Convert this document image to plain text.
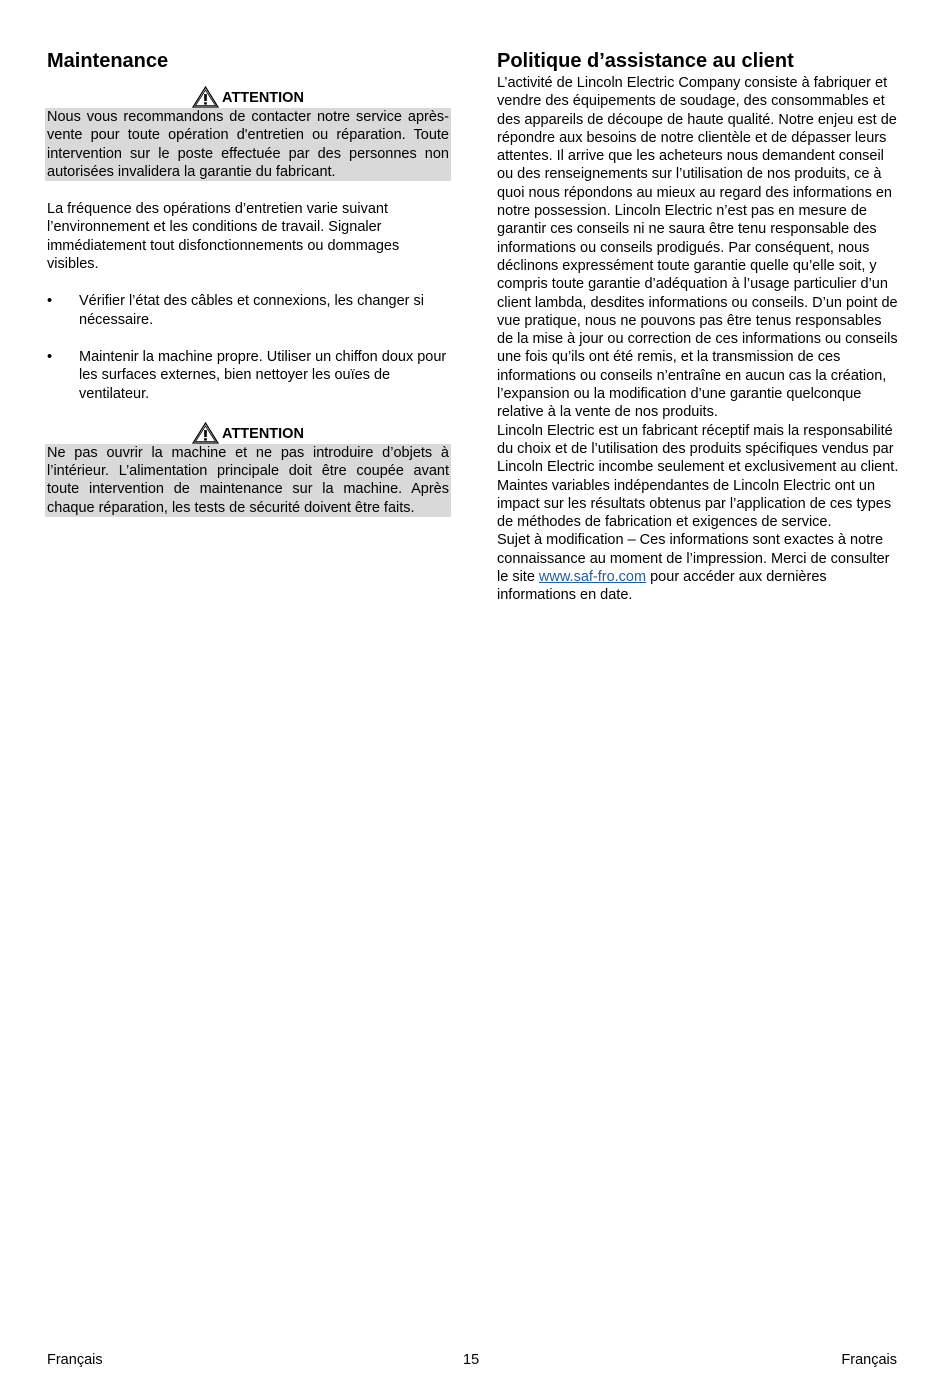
Maintenance
ATTENTION
Nous vous recommandons de contacter notre service après-vente pour toute opération d'entretien ou réparation. Toute intervention sur le poste effectuée par des personnes non autorisées invalidera la garantie du fabricant.

La fréquence des opérations d’entretien varie suivant l’environnement et les conditions de travail. Signaler immédiatement tout disfonctionnements ou dommages visibles.

• Vérifier l’état des câbles et connexions, les changer si nécessaire.
• Maintenir la machine propre. Utiliser un chiffon doux pour les surfaces externes, bien nettoyer les ouïes de ventilateur.
ATTENTION
Ne pas ouvrir la machine et ne pas introduire d’objets à l’intérieur. L’alimentation principale doit être coupée avant toute intervention de maintenance sur la machine. Après chaque réparation, les tests de sécurité doivent être faits.
Politique d’assistance au client

L’activité de Lincoln Electric Company consiste à fabriquer et vendre des équipements de soudage, des consommables et des appareils de découpe de haute qualité. Notre enjeu est de répondre aux besoins de notre clientèle et de dépasser leurs attentes. Il arrive que les acheteurs nous demandent conseil ou des renseignements sur l’utilisation de nos produits, ce à quoi nous répondons au mieux au regard des informations en notre possession. Lincoln Electric n’est pas en mesure de garantir ces conseils ni ne saura être tenu responsable des informations ou conseils prodigués. Par conséquent, nous déclinons expressément toute garantie quelle qu’elle soit, y compris toute garantie d’adéquation à l’usage particulier d’un client lambda, desdites informations ou conseils. D’un point de vue pratique, nous ne pouvons pas être tenus responsables de la mise à jour ou correction de ces informations ou conseils une fois qu’ils ont été remis, et la transmission de ces informations ou conseils n’entraîne en aucun cas la création, l’expansion ou la modification d’une garantie quelconque relative à la vente de nos produits.

Lincoln Electric est un fabricant réceptif mais la responsabilité du choix et de l’utilisation des produits spécifiques vendus par Lincoln Electric incombe seulement et exclusivement au client. Maintes variables indépendantes de Lincoln Electric ont un impact sur les résultats obtenus par l’application de ces types de méthodes de fabrication et exigences de service.

Sujet à modification – Ces informations sont exactes à notre connaissance au moment de l’impression. Merci de consulter le site www.saf-fro.com pour accéder aux dernières informations en date.

Français	15	Français
